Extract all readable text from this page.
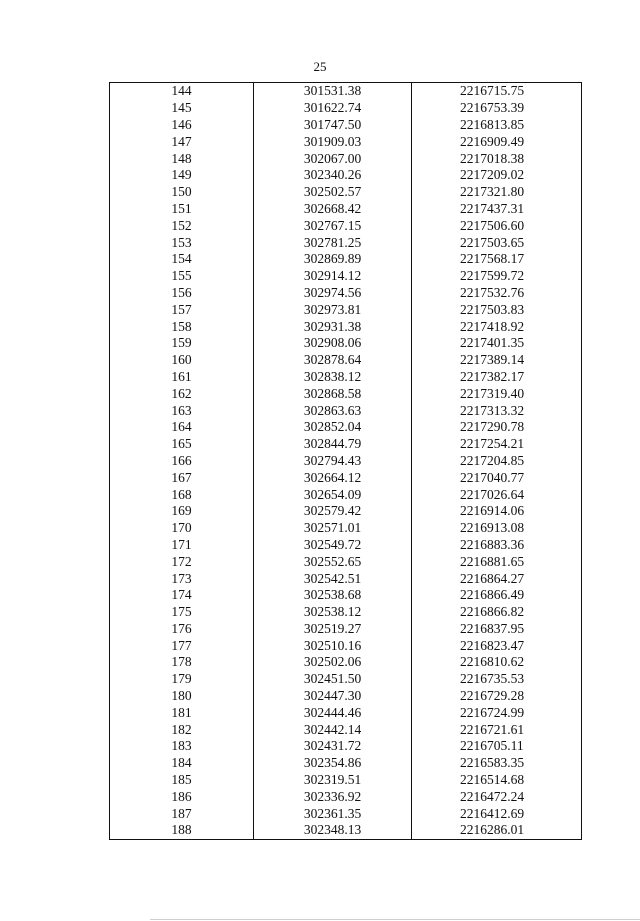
25
144	301531.38	2216715.75
145	301622.74	2216753.39
146	301747.50	2216813.85
147	301909.03	2216909.49
148	302067.00	2217018.38
149	302340.26	2217209.02
150	302502.57	2217321.80
151	302668.42	2217437.31
152	302767.15	2217506.60
153	302781.25	2217503.65
154	302869.89	2217568.17
155	302914.12	2217599.72
156	302974.56	2217532.76
157	302973.81	2217503.83
158	302931.38	2217418.92
159	302908.06	2217401.35
160	302878.64	2217389.14
161	302838.12	2217382.17
162	302868.58	2217319.40
163	302863.63	2217313.32
164	302852.04	2217290.78
165	302844.79	2217254.21
166	302794.43	2217204.85
167	302664.12	2217040.77
168	302654.09	2217026.64
169	302579.42	2216914.06
170	302571.01	2216913.08
171	302549.72	2216883.36
172	302552.65	2216881.65
173	302542.51	2216864.27
174	302538.68	2216866.49
175	302538.12	2216866.82
176	302519.27	2216837.95
177	302510.16	2216823.47
178	302502.06	2216810.62
179	302451.50	2216735.53
180	302447.30	2216729.28
181	302444.46	2216724.99
182	302442.14	2216721.61
183	302431.72	2216705.11
184	302354.86	2216583.35
185	302319.51	2216514.68
186	302336.92	2216472.24
187	302361.35	2216412.69
188	302348.13	2216286.01
